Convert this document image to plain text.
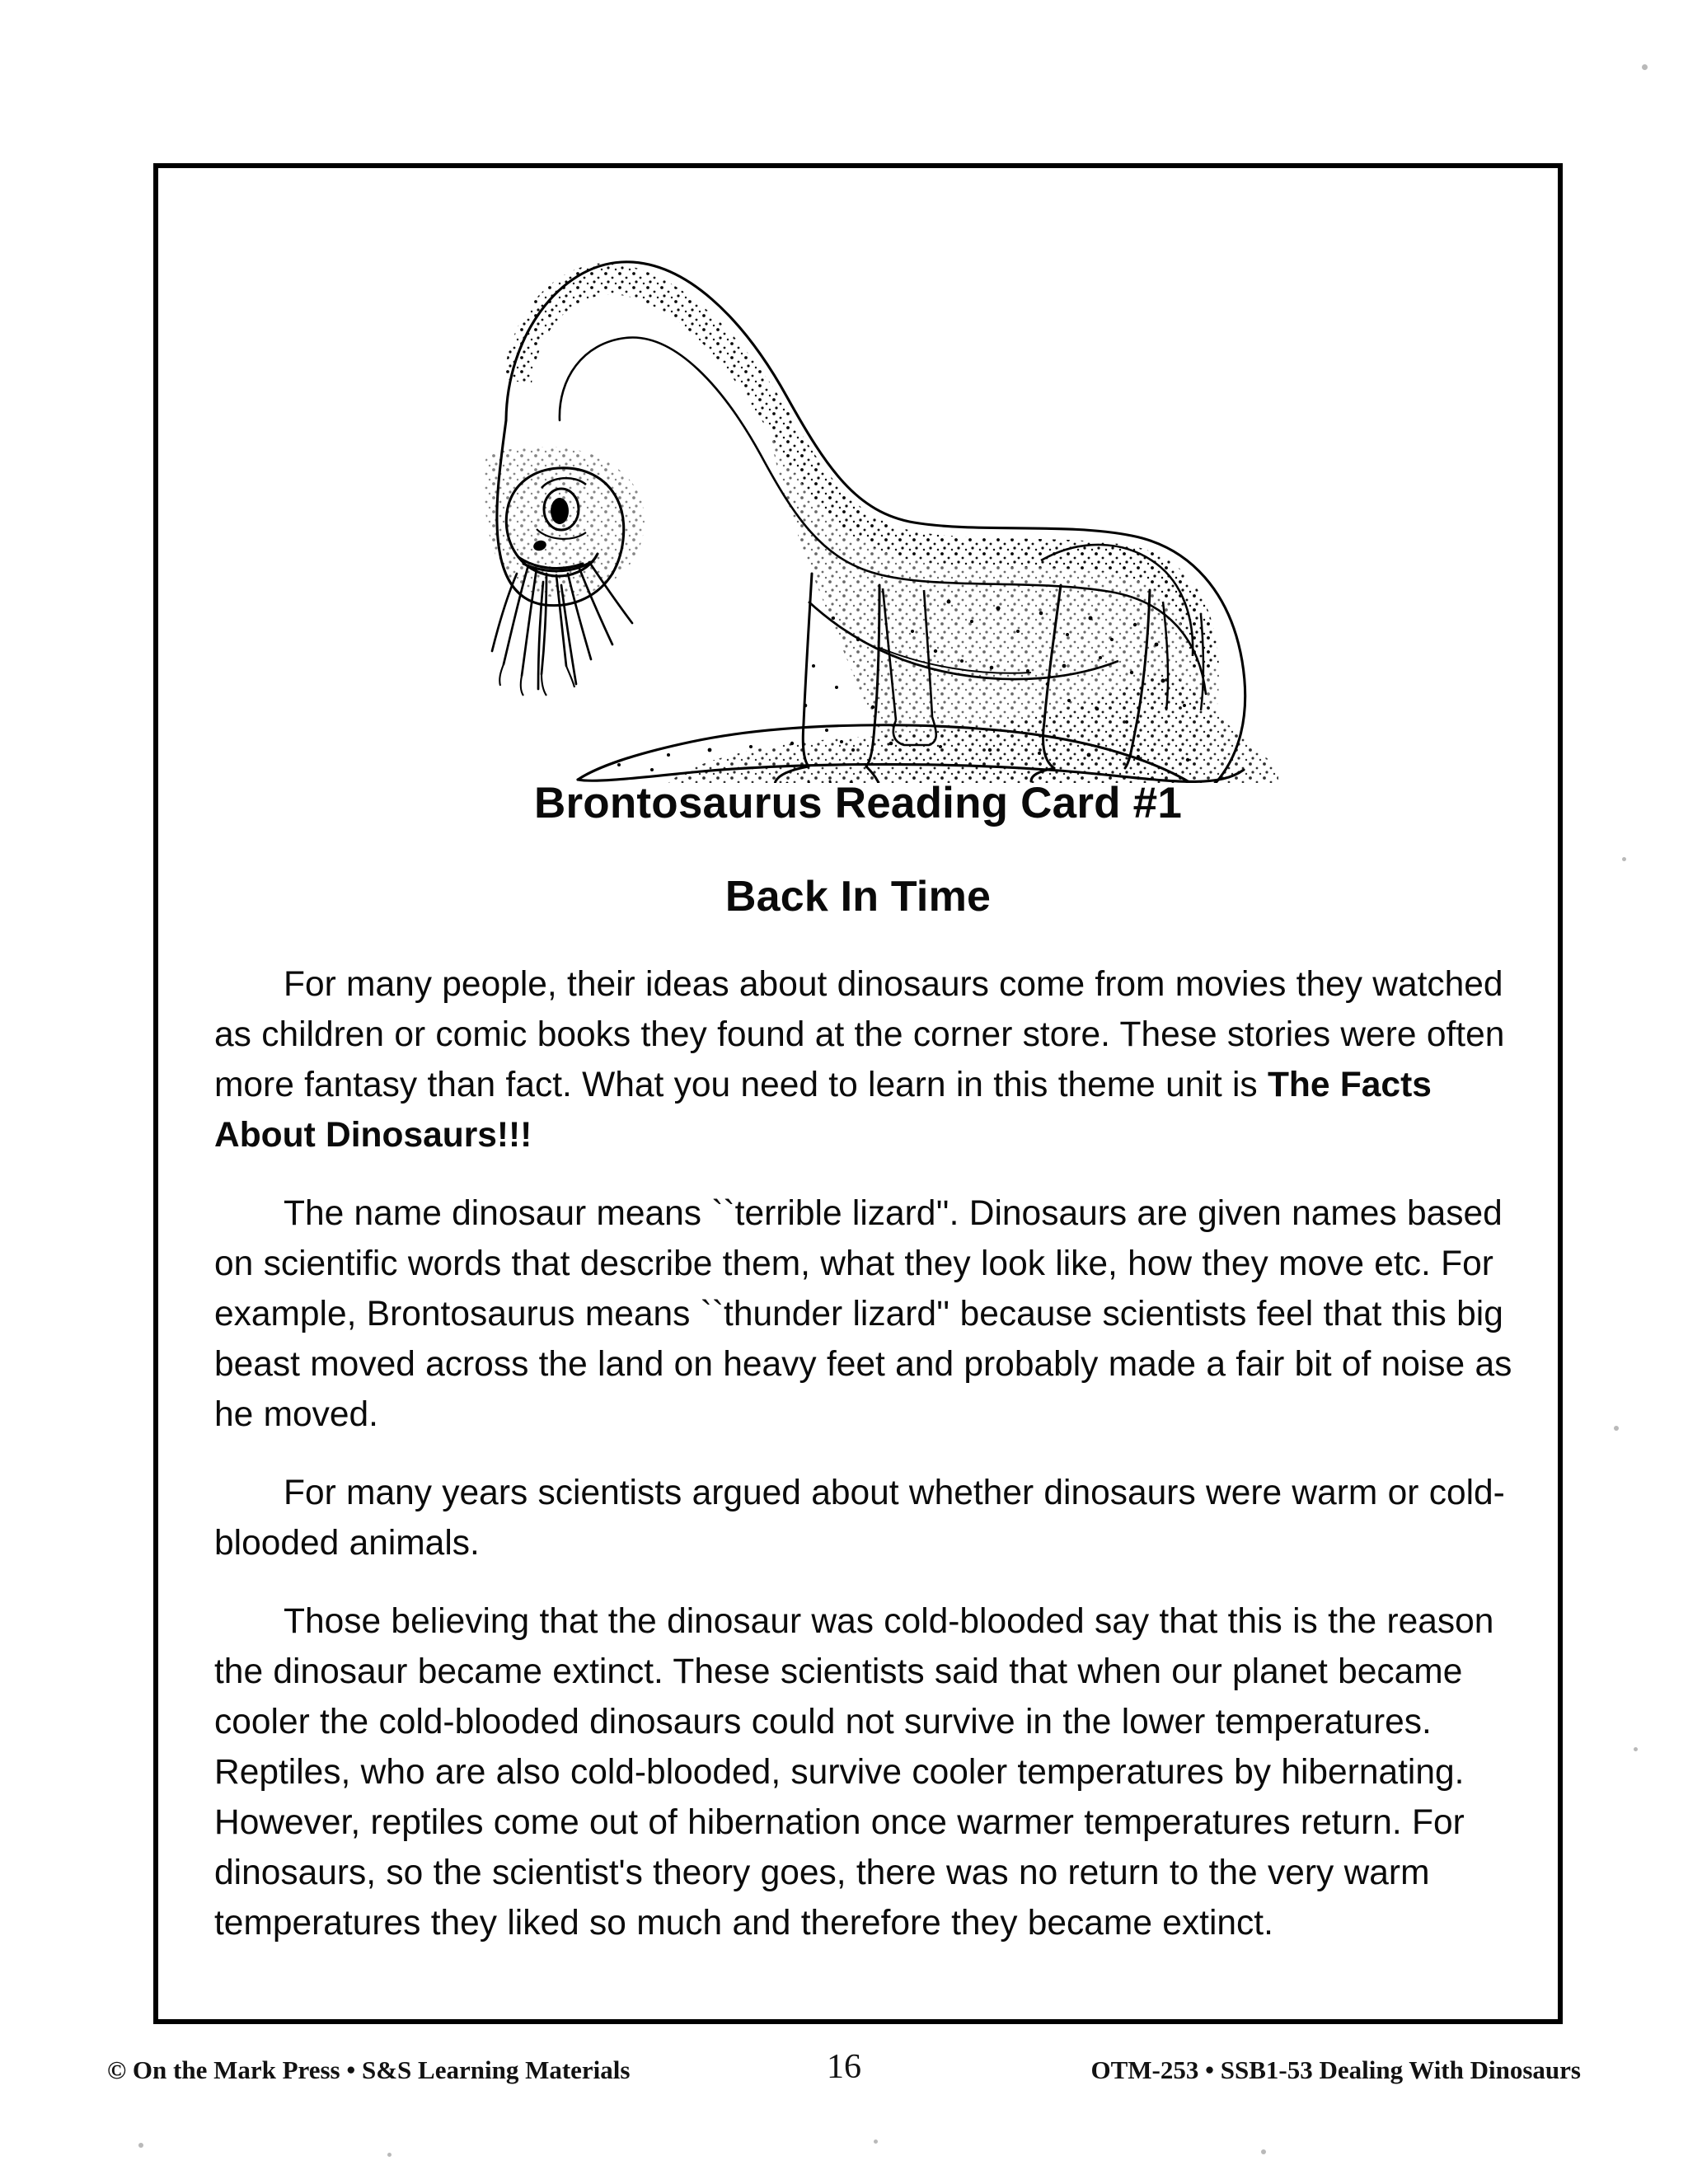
Brontosaurus Reading Card #1
Back In Time

For many people, their ideas about dinosaurs come from movies they watched as children or comic books they found at the corner store. These stories were often more fantasy than fact. What you need to learn in this theme unit is The Facts About Dinosaurs!!!

The name dinosaur means ``terrible lizard''. Dinosaurs are given names based on scientific words that describe them, what they look like, how they move etc. For example, Brontosaurus means ``thunder lizard'' because scientists feel that this big beast moved across the land on heavy feet and probably made a fair bit of noise as he moved.

For many years scientists argued about whether dinosaurs were warm or cold-blooded animals.

Those believing that the dinosaur was cold-blooded say that this is the reason the dinosaur became extinct. These scientists said that when our planet became cooler the cold-blooded dinosaurs could not survive in the lower temperatures. Reptiles, who are also cold-blooded, survive cooler temperatures by hibernating. However, reptiles come out of hibernation once warmer temperatures return. For dinosaurs, so the scientist's theory goes, there was no return to the very warm temperatures they liked so much and therefore they became extinct.

© On the Mark Press • S&S Learning Materials	16	OTM-253 • SSB1-53 Dealing With Dinosaurs
